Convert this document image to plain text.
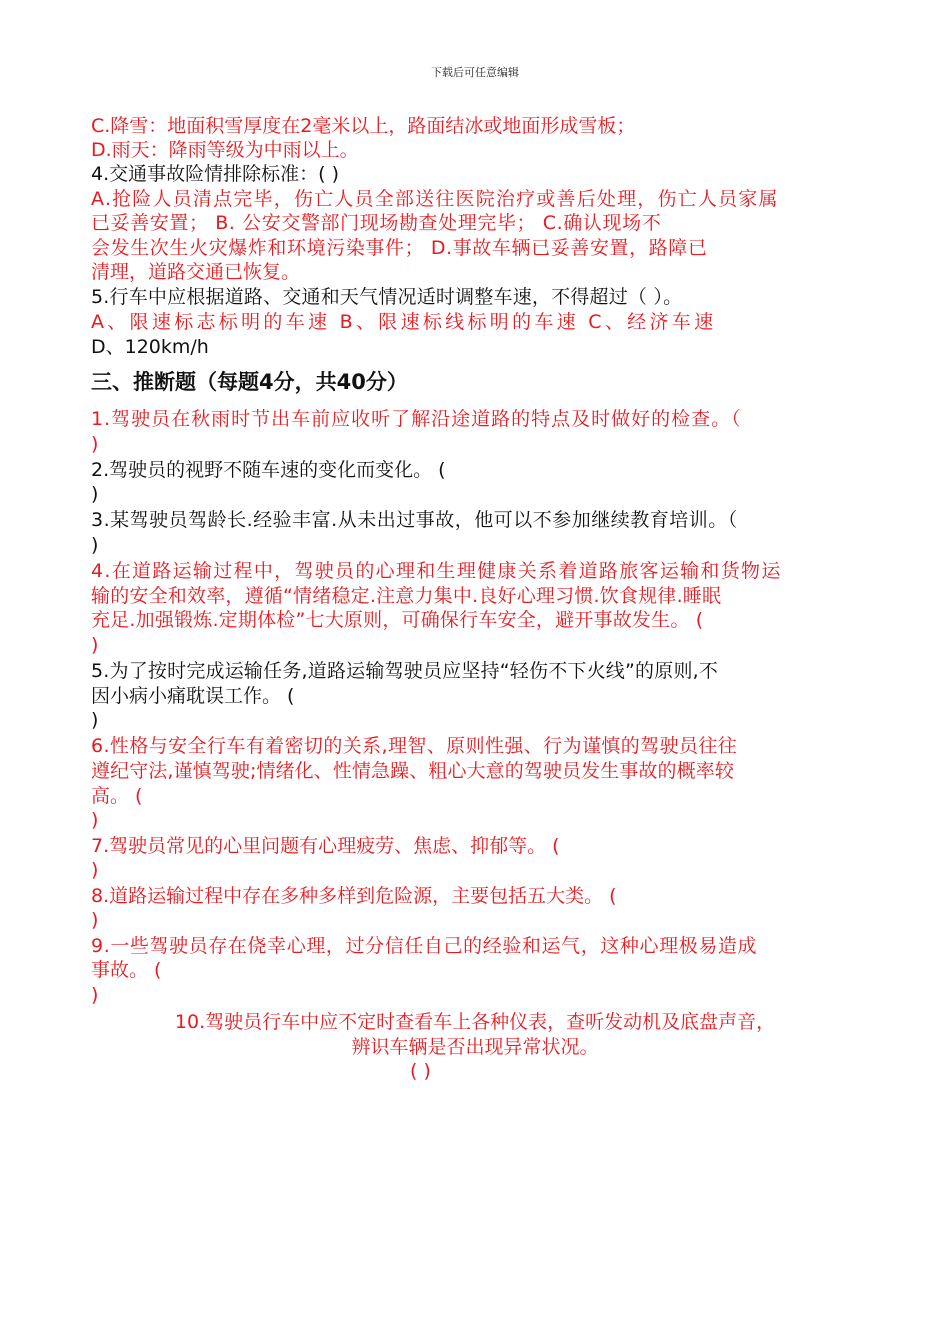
下载后可任意编辑
C.降雪：地面积雪厚度在2毫米以上，路面结冰或地面形成雪板；
D.雨天：降雨等级为中雨以上。
4.交通事故险情排除标准：( )
A.抢险人员清点完毕，伤亡人员全部送往医院治疗或善后处理，伤亡人员家属
已妥善安置； B. 公安交警部门现场勘查处理完毕； C.确认现场不
会发生次生火灾爆炸和环境污染事件； D.事故车辆已妥善安置，路障已
清理，道路交通已恢复。
5.行车中应根据道路、交通和天气情况适时调整车速，不得超过（ ）。
A、限速标志标明的车速 B、限速标线标明的车速 C、经济车速
D、120km/h
三、推断题（每题4分，共40分）
1.驾驶员在秋雨时节出车前应收听了解沿途道路的特点及时做好的检查。（
)
2.驾驶员的视野不随车速的变化而变化。 (
)
3.某驾驶员驾龄长.经验丰富.从未出过事故，他可以不参加继续教育培训。（
)
4.在道路运输过程中，驾驶员的心理和生理健康关系着道路旅客运输和货物运
输的安全和效率，遵循“情绪稳定.注意力集中.良好心理习惯.饮食规律.睡眠
充足.加强锻炼.定期体检”七大原则，可确保行车安全，避开事故发生。 (
)
5.为了按时完成运输任务,道路运输驾驶员应坚持“轻伤不下火线”的原则,不
因小病小痛耽误工作。 (
)
6.性格与安全行车有着密切的关系,理智、原则性强、行为谨慎的驾驶员往往
遵纪守法,谨慎驾驶;情绪化、性情急躁、粗心大意的驾驶员发生事故的概率较
高。 (
)
7.驾驶员常见的心里问题有心理疲劳、焦虑、抑郁等。 (
)
8.道路运输过程中存在多种多样到危险源，主要包括五大类。 (
)
9.一些驾驶员存在侥幸心理，过分信任自己的经验和运气，这种心理极易造成
事故。 (
)
10.驾驶员行车中应不定时查看车上各种仪表，查听发动机及底盘声音，
辨识车辆是否出现异常状况。
( )
